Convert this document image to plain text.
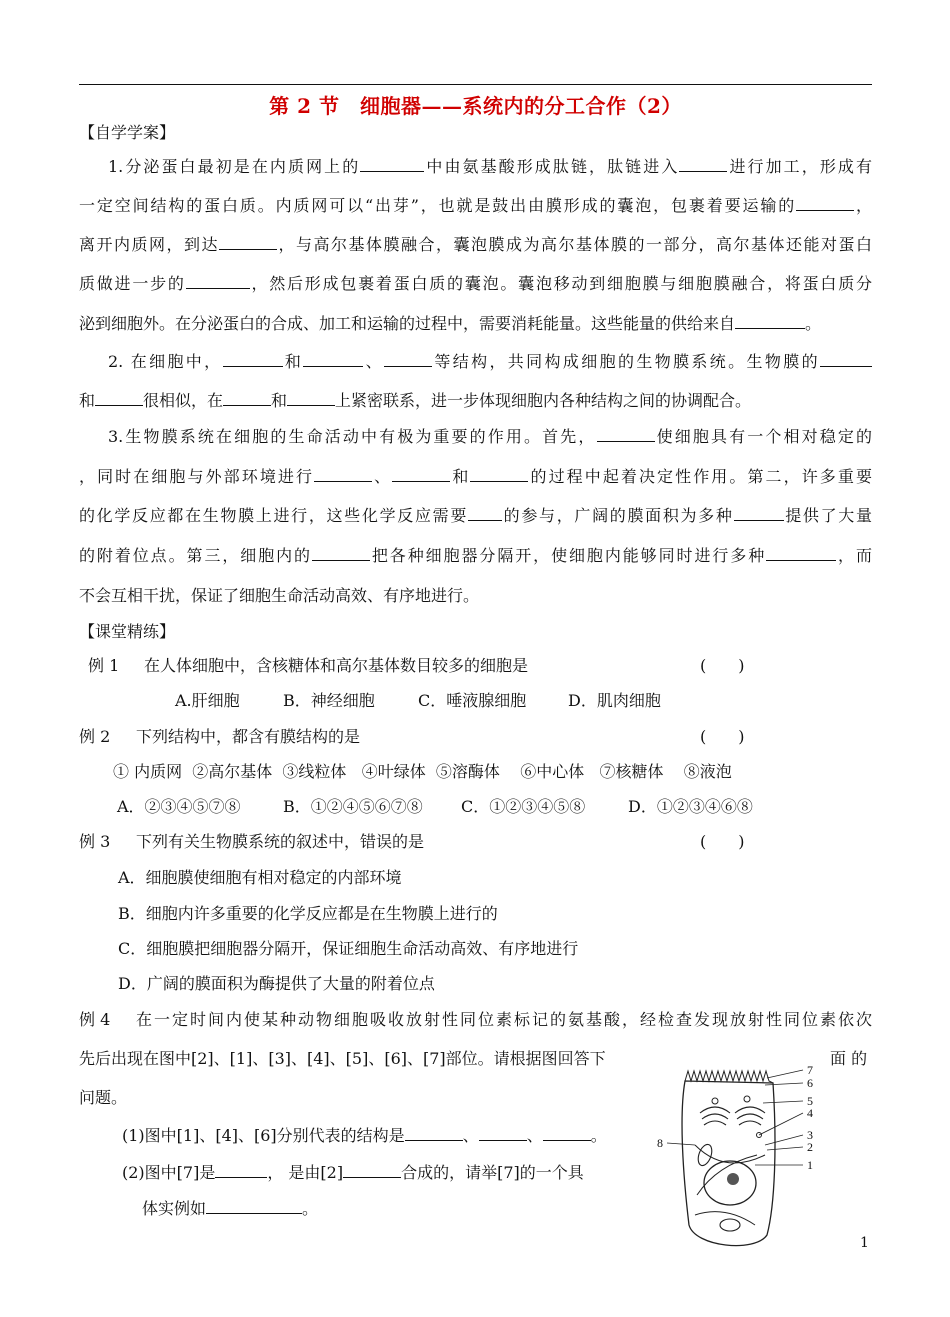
第 2 节　细胞器——系统内的分工合作（2）
【自学学案】
1.分泌蛋白最初是在内质网上的	中由氨基酸形成肽链，肽链进入	进行加工，形成有
一定空间结构的蛋白质。内质网可以“出芽”，也就是鼓出由膜形成的囊泡，包裹着要运输的	，
离开内质网，到达	，与高尔基体膜融合，囊泡膜成为高尔基体膜的一部分，高尔基体还能对蛋白
质做进一步的	，然后形成包裹着蛋白质的囊泡。囊泡移动到细胞膜与细胞膜融合，将蛋白质分
泌到细胞外。在分泌蛋白的合成、加工和运输的过程中，需要消耗能量。这些能量的供给来自	。
2. 在细胞中，	和	、	等结构，共同构成细胞的生物膜系统。生物膜的
和	很相似，在	和	上紧密联系，进一步体现细胞内各种结构之间的协调配合。
3.生物膜系统在细胞的生命活动中有极为重要的作用。首先，	使细胞具有一个相对稳定的
，同时在细胞与外部环境进行	、	和	的过程中起着决定性作用。第二，许多重要
的化学反应都在生物膜上进行，这些化学反应需要 的参与，广阔的膜面积为多种	提供了大量
的附着位点。第三，细胞内的	把各种细胞器分隔开，使细胞内能够同时进行多种	，而
不会互相干扰，保证了细胞生命活动高效、有序地进行。
【课堂精练】
例 1 在人体细胞中，含核糖体和高尔基体数目较多的细胞是	(　　)
A.肝细胞	B．神经细胞	C．唾液腺细胞	D．肌肉细胞
例 2 下列结构中，都含有膜结构的是	(　　)
① 内质网  ②高尔基体  ③线粒体   ④叶绿体  ⑤溶酶体    ⑥中心体   ⑦核糖体    ⑧液泡
A．②③④⑤⑦⑧	B．①②④⑤⑥⑦⑧ C．①②③④⑤⑧	D．①②③④⑥⑧
例 3 下列有关生物膜系统的叙述中，错误的是	(　　)
A．细胞膜使细胞有相对稳定的内部环境
B．细胞内许多重要的化学反应都是在生物膜上进行的
C．细胞膜把细胞器分隔开，保证细胞生命活动高效、有序地进行
D．广阔的膜面积为酶提供了大量的附着位点
例 4 在一定时间内使某种动物细胞吸收放射性同位素标记的氨基酸，经检查发现放射性同位素依次
先后出现在图中[2]、[1]、[3]、[4]、[5]、[6]、[7]部位。请根据图回答下	面 的
问题。
(1)图中[1]、[4]、[6]分别代表的结构是	、	、	。
(2)图中[7]是	， 是由[2]	合成的，请举[7]的一个具
体实例如	。
7
6
5
4
3
2
1
8
1
